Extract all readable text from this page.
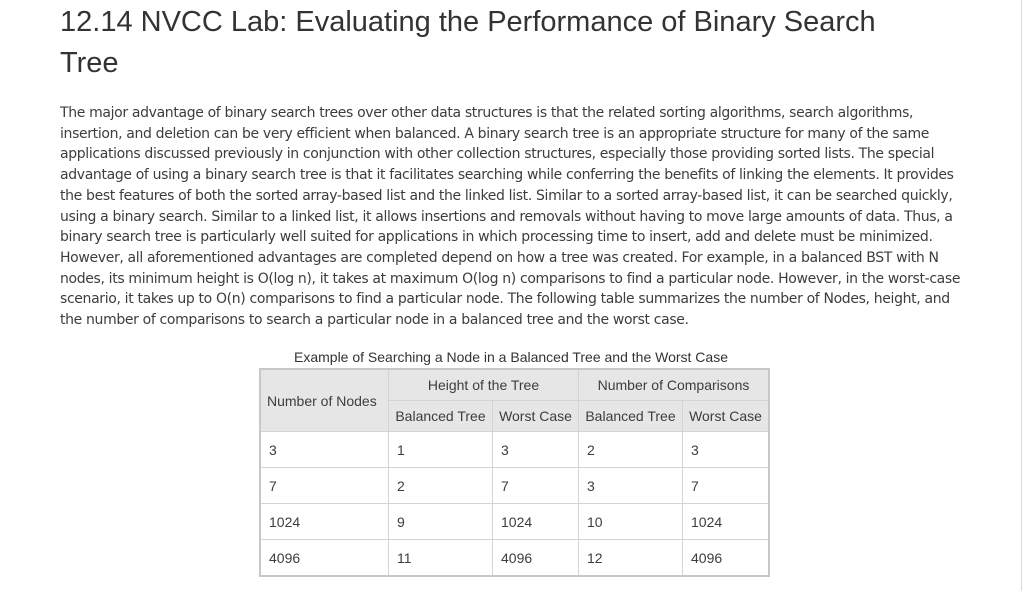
12.14 NVCC Lab: Evaluating the Performance of Binary Search Tree

The major advantage of binary search trees over other data structures is that the related sorting algorithms, search algorithms, insertion, and deletion can be very efficient when balanced. A binary search tree is an appropriate structure for many of the same applications discussed previously in conjunction with other collection structures, especially those providing sorted lists. The special advantage of using a binary search tree is that it facilitates searching while conferring the benefits of linking the elements. It provides the best features of both the sorted array-based list and the linked list. Similar to a sorted array-based list, it can be searched quickly, using a binary search. Similar to a linked list, it allows insertions and removals without having to move large amounts of data. Thus, a binary search tree is particularly well suited for applications in which processing time to insert, add and delete must be minimized. However, all aforementioned advantages are completed depend on how a tree was created. For example, in a balanced BST with N nodes, its minimum height is O(log n), it takes at maximum O(log n) comparisons to find a particular node. However, in the worst-case scenario, it takes up to O(n) comparisons to find a particular node. The following table summarizes the number of Nodes, height, and the number of comparisons to search a particular node in a balanced tree and the worst case.

Example of Searching a Node in a Balanced Tree and the Worst Case
Number of Nodes	Height of the Tree		Number of Comparisons	
	Balanced Tree	Worst Case	Balanced Tree	Worst Case
3	1	3	2	3
7	2	7	3	7
1024	9	1024	10	1024
4096	11	4096	12	4096
